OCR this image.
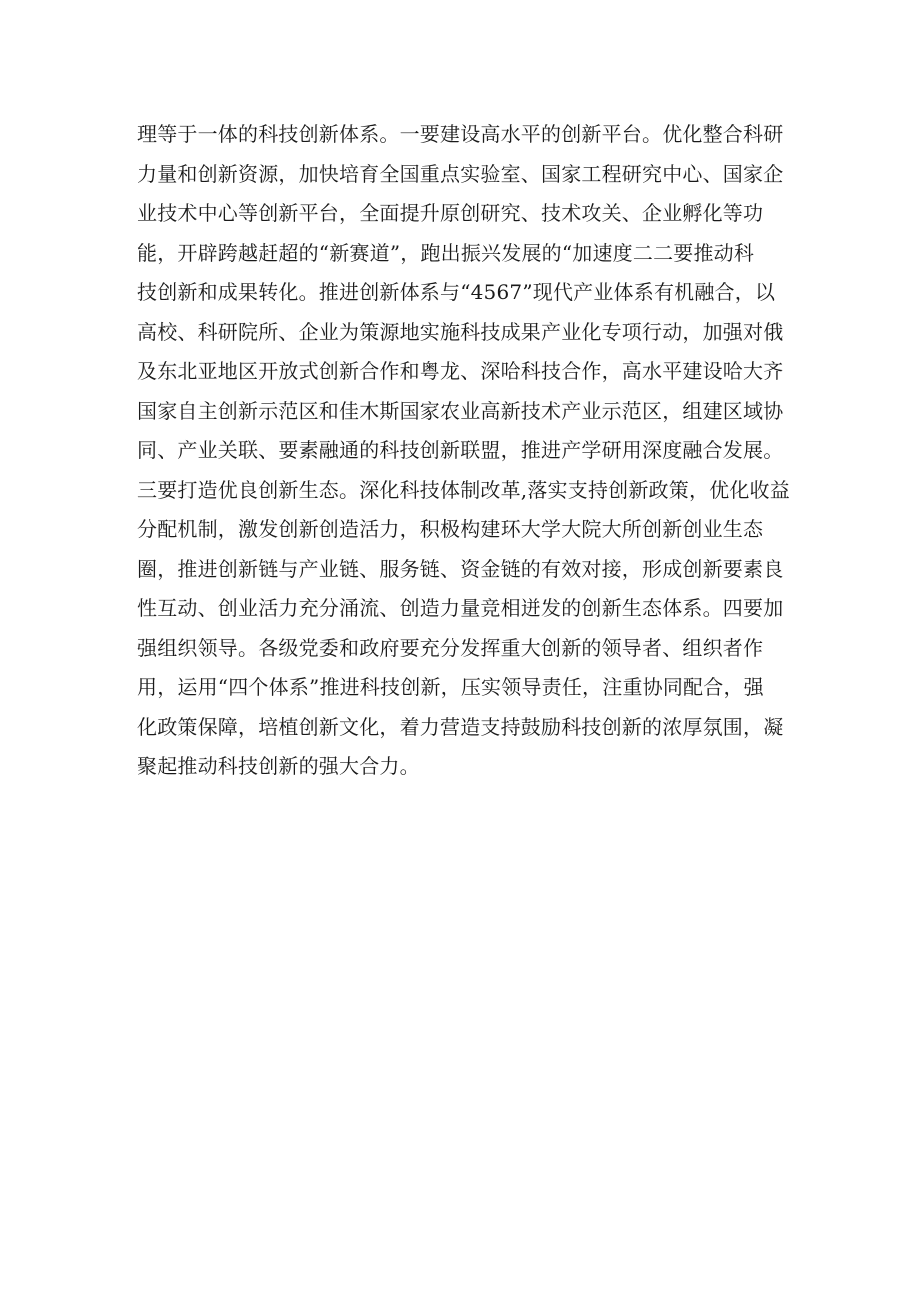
理等于一体的科技创新体系。一要建设高水平的创新平台。优化整合科研
力量和创新资源，加快培育全国重点实验室、国家工程研究中心、国家企
业技术中心等创新平台，全面提升原创研究、技术攻关、企业孵化等功
能，开辟跨越赶超的“新赛道”，跑出振兴发展的“加速度二二要推动科
技创新和成果转化。推进创新体系与“4567”现代产业体系有机融合，以
高校、科研院所、企业为策源地实施科技成果产业化专项行动，加强对俄
及东北亚地区开放式创新合作和粤龙、深哈科技合作，高水平建设哈大齐
国家自主创新示范区和佳木斯国家农业高新技术产业示范区，组建区域协
同、产业关联、要素融通的科技创新联盟，推进产学研用深度融合发展。
三要打造优良创新生态。深化科技体制改革,落实支持创新政策，优化收益
分配机制，激发创新创造活力，积极构建环大学大院大所创新创业生态
圈，推进创新链与产业链、服务链、资金链的有效对接，形成创新要素良
性互动、创业活力充分涌流、创造力量竞相迸发的创新生态体系。四要加
强组织领导。各级党委和政府要充分发挥重大创新的领导者、组织者作
用，运用“四个体系”推进科技创新，压实领导责任，注重协同配合，强
化政策保障，培植创新文化，着力营造支持鼓励科技创新的浓厚氛围，凝
聚起推动科技创新的强大合力。
